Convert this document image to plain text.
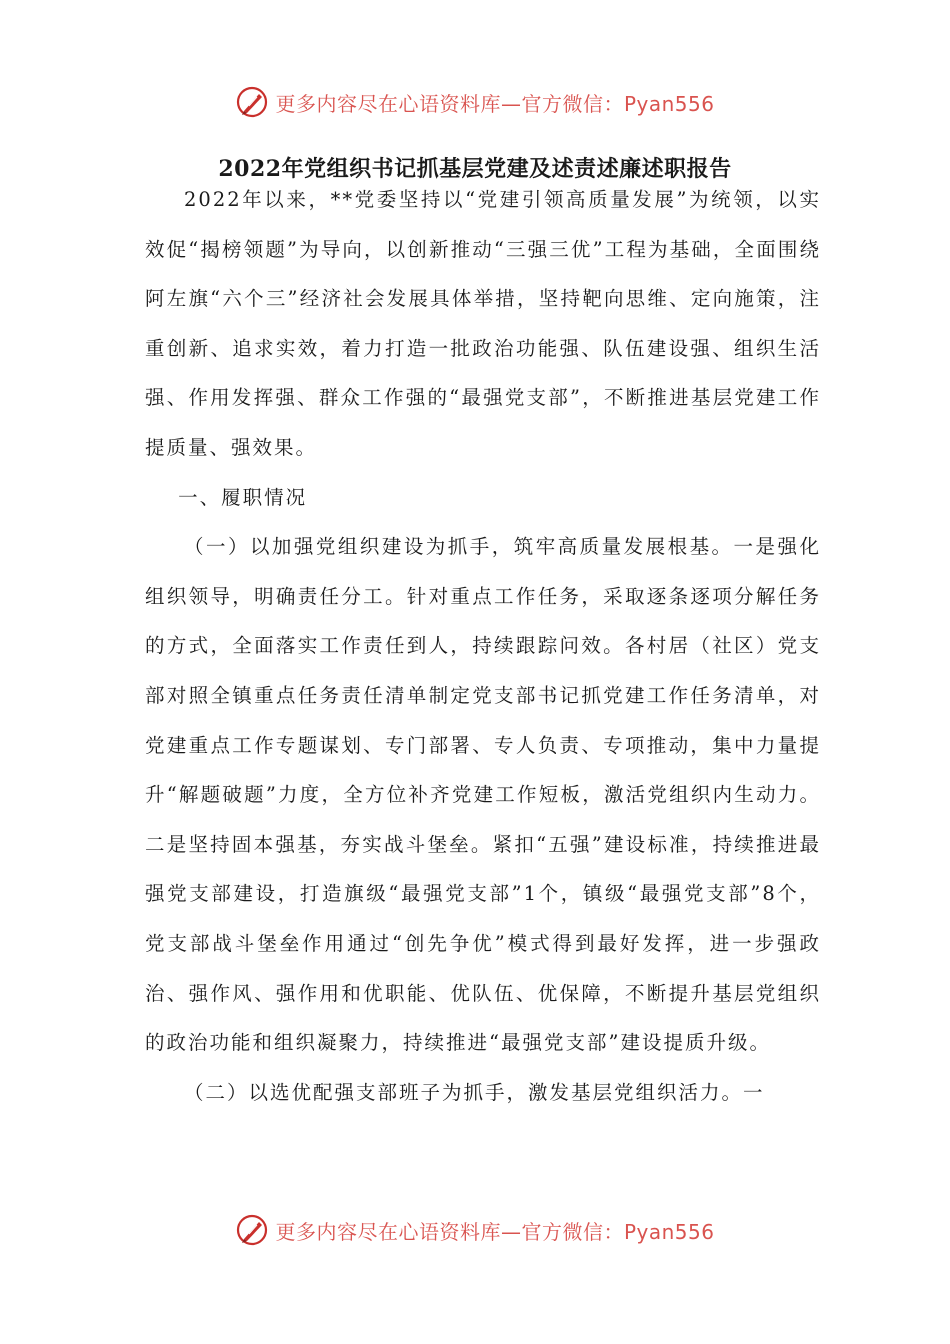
更多内容尽在心语资料库—官方微信：Pyan556
2022年党组织书记抓基层党建及述责述廉述职报告

2022年以来，**党委坚持以“党建引领高质量发展”为统领，以实效促“揭榜领题”为导向，以创新推动“三强三优”工程为基础，全面围绕阿左旗“六个三”经济社会发展具体举措，坚持靶向思维、定向施策，注重创新、追求实效，着力打造一批政治功能强、队伍建设强、组织生活强、作用发挥强、群众工作强的“最强党支部”，不断推进基层党建工作提质量、强效果。

一、履职情况

（一）以加强党组织建设为抓手，筑牢高质量发展根基。一是强化组织领导，明确责任分工。针对重点工作任务，采取逐条逐项分解任务的方式，全面落实工作责任到人，持续跟踪问效。各村居（社区）党支部对照全镇重点任务责任清单制定党支部书记抓党建工作任务清单，对党建重点工作专题谋划、专门部署、专人负责、专项推动，集中力量提升“解题破题”力度，全方位补齐党建工作短板，激活党组织内生动力。二是坚持固本强基，夯实战斗堡垒。紧扣“五强”建设标准，持续推进最强党支部建设，打造旗级“最强党支部”1个，镇级“最强党支部”8个，党支部战斗堡垒作用通过“创先争优”模式得到最好发挥，进一步强政治、强作风、强作用和优职能、优队伍、优保障，不断提升基层党组织的政治功能和组织凝聚力，持续推进“最强党支部”建设提质升级。

（二）以选优配强支部班子为抓手，激发基层党组织活力。一

更多内容尽在心语资料库—官方微信：Pyan556
